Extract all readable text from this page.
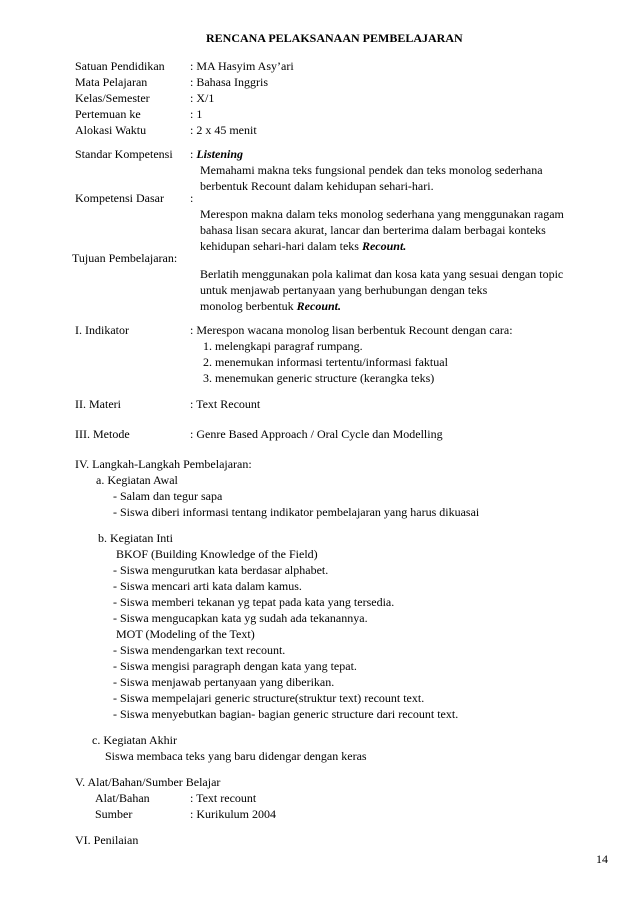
RENCANA PELAKSANAAN PEMBELAJARAN
Satuan Pendidikan : MA Hasyim Asy’ari
Mata Pelajaran	: Bahasa Inggris
Kelas/Semester	: X/1
Pertemuan ke	: 1
Alokasi Waktu	: 2 x 45 menit
Standar Kompetensi : Listening
Memahami makna teks fungsional pendek dan teks monolog sederhana
berbentuk Recount dalam kehidupan sehari-hari.
Kompetensi Dasar :
Merespon makna dalam teks monolog sederhana yang menggunakan ragam
bahasa lisan secara akurat, lancar dan berterima dalam berbagai konteks
kehidupan sehari-hari dalam teks Recount.
Tujuan Pembelajaran:
Berlatih menggunakan pola kalimat dan kosa kata yang sesuai dengan topic
untuk menjawab pertanyaan yang berhubungan dengan teks
monolog berbentuk Recount.
I. Indikator	: Merespon wacana monolog lisan berbentuk Recount dengan cara:
1. melengkapi paragraf rumpang.
2. menemukan informasi tertentu/informasi faktual
3. menemukan generic structure (kerangka teks)
II. Materi	: Text Recount
III. Metode	: Genre Based Approach / Oral Cycle dan Modelling
IV. Langkah-Langkah Pembelajaran:
a. Kegiatan Awal
- Salam dan tegur sapa
- Siswa diberi informasi tentang indikator pembelajaran yang harus dikuasai
b. Kegiatan Inti
BKOF (Building Knowledge of the Field)
- Siswa mengurutkan kata berdasar alphabet.
- Siswa mencari arti kata dalam kamus.
- Siswa memberi tekanan yg tepat pada kata yang tersedia.
- Siswa mengucapkan kata yg sudah ada tekanannya.
MOT (Modeling of the Text)
- Siswa mendengarkan text recount.
- Siswa mengisi paragraph dengan kata yang tepat.
- Siswa menjawab pertanyaan yang diberikan.
- Siswa mempelajari generic structure(struktur text) recount text.
- Siswa menyebutkan bagian- bagian generic structure dari recount text.
c. Kegiatan Akhir
Siswa membaca teks yang baru didengar dengan keras
V. Alat/Bahan/Sumber Belajar
Alat/Bahan	: Text recount
Sumber	: Kurikulum 2004
VI. Penilaian
14
